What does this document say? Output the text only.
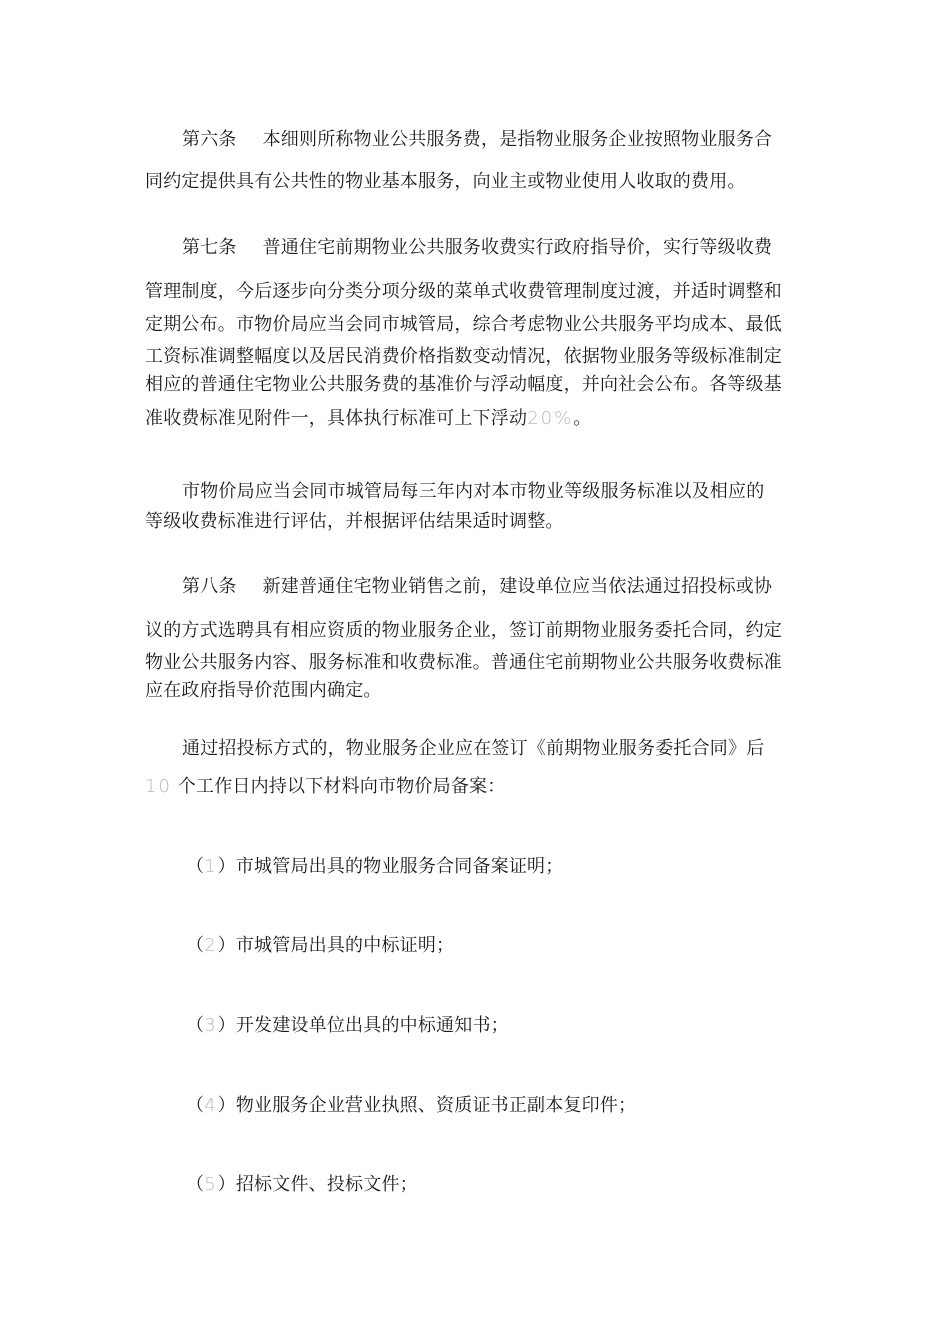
第六条 本细则所称物业公共服务费，是指物业服务企业按照物业服务合

同约定提供具有公共性的物业基本服务，向业主或物业使用人收取的费用。

第七条 普通住宅前期物业公共服务收费实行政府指导价，实行等级收费

管理制度，今后逐步向分类分项分级的菜单式收费管理制度过渡，并适时调整和

定期公布。市物价局应当会同市城管局，综合考虑物业公共服务平均成本、最低

工资标准调整幅度以及居民消费价格指数变动情况，依据物业服务等级标准制定

相应的普通住宅物业公共服务费的基准价与浮动幅度，并向社会公布。各等级基

准收费标准见附件一，具体执行标准可上下浮动20%。

市物价局应当会同市城管局每三年内对本市物业等级服务标准以及相应的

等级收费标准进行评估，并根据评估结果适时调整。

第八条 新建普通住宅物业销售之前，建设单位应当依法通过招投标或协

议的方式选聘具有相应资质的物业服务企业，签订前期物业服务委托合同，约定

物业公共服务内容、服务标准和收费标准。普通住宅前期物业公共服务收费标准

应在政府指导价范围内确定。

通过招投标方式的，物业服务企业应在签订《前期物业服务委托合同》后

10 个工作日内持以下材料向市物价局备案：

（1）市城管局出具的物业服务合同备案证明；

（2）市城管局出具的中标证明；

（3）开发建设单位出具的中标通知书；

（4）物业服务企业营业执照、资质证书正副本复印件；

（5）招标文件、投标文件；
